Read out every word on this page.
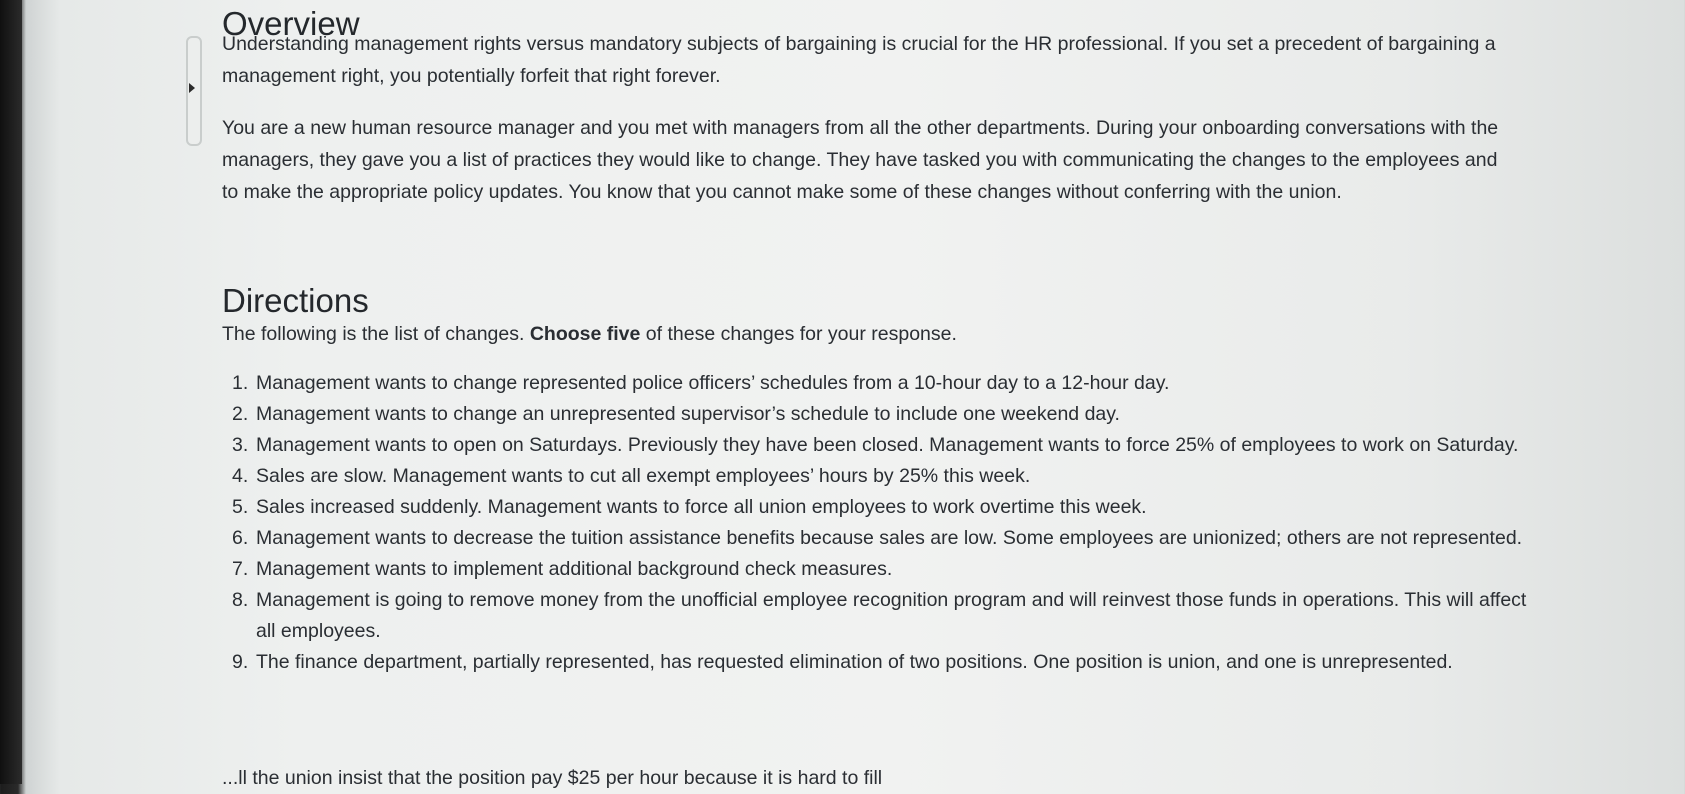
Overview

Understanding management rights versus mandatory subjects of bargaining is crucial for the HR professional. If you set a precedent of bargaining a management right, you potentially forfeit that right forever.

You are a new human resource manager and you met with managers from all the other departments. During your onboarding conversations with the managers, they gave you a list of practices they would like to change. They have tasked you with communicating the changes to the employees and to make the appropriate policy updates. You know that you cannot make some of these changes without conferring with the union.

Directions

The following is the list of changes. Choose five of these changes for your response.

1. Management wants to change represented police officers’ schedules from a 10-hour day to a 12-hour day.
2. Management wants to change an unrepresented supervisor’s schedule to include one weekend day.
3. Management wants to open on Saturdays. Previously they have been closed. Management wants to force 25% of employees to work on Saturday.
4. Sales are slow. Management wants to cut all exempt employees’ hours by 25% this week.
5. Sales increased suddenly. Management wants to force all union employees to work overtime this week.
6. Management wants to decrease the tuition assistance benefits because sales are low. Some employees are unionized; others are not represented.
7. Management wants to implement additional background check measures.
8. Management is going to remove money from the unofficial employee recognition program and will reinvest those funds in operations. This will affect all employees.
9. The finance department, partially represented, has requested elimination of two positions. One position is union, and one is unrepresented.
...ll the union insist that the position pay $25 per hour because it is hard to fill
